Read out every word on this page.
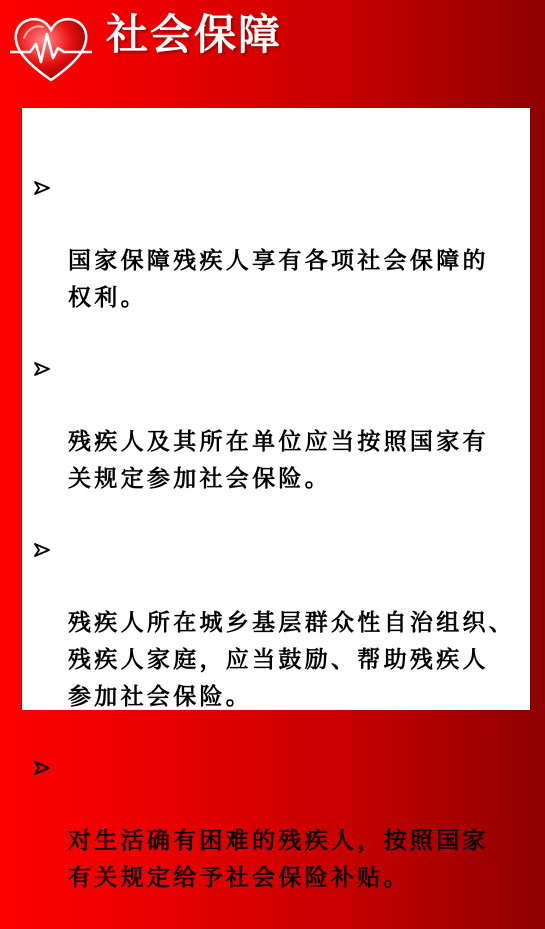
社会保障

国家保障残疾人享有各项社会保障的
权利。

残疾人及其所在单位应当按照国家有
关规定参加社会保险。

残疾人所在城乡基层群众性自治组织、
残疾人家庭，应当鼓励、帮助残疾人
参加社会保险。

对生活确有困难的残疾人，按照国家
有关规定给予社会保险补贴。
